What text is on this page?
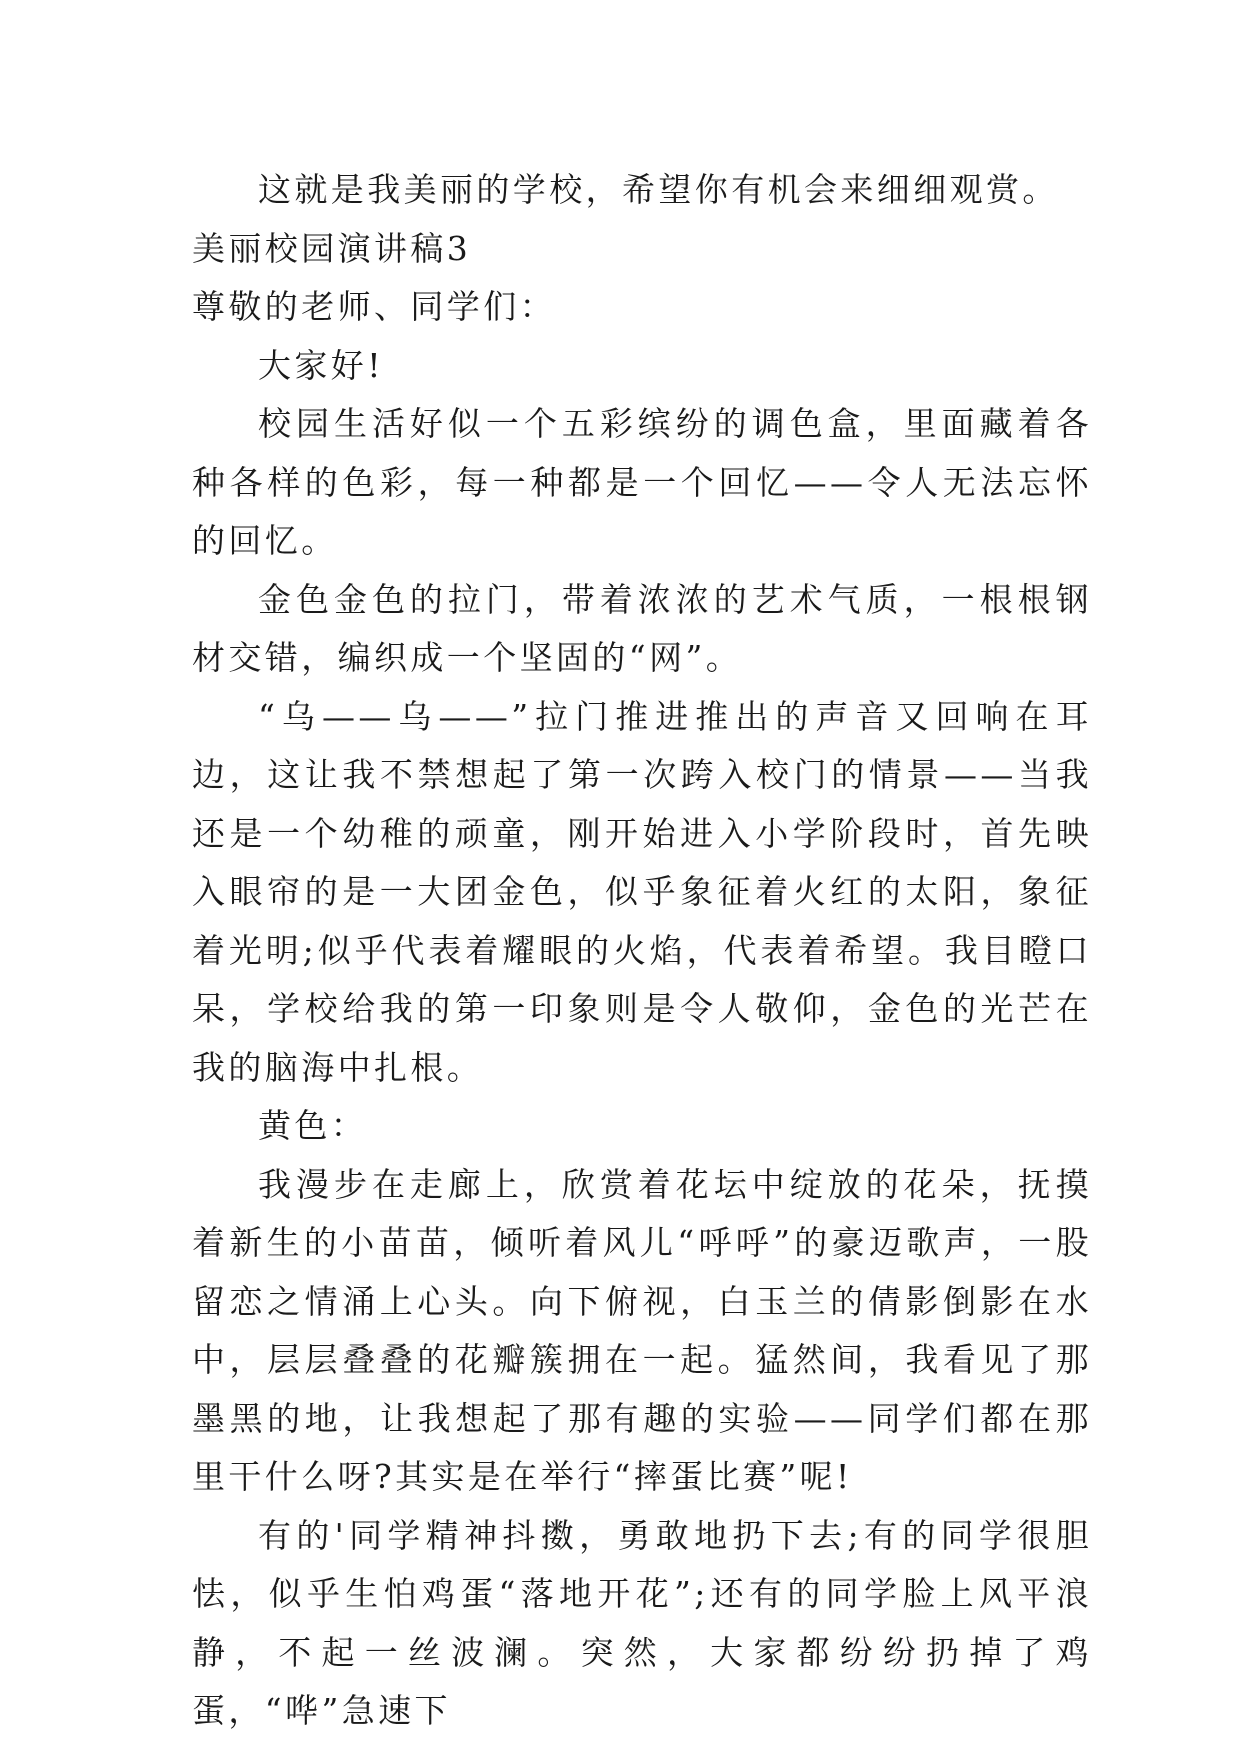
这就是我美丽的学校，希望你有机会来细细观赏。

美丽校园演讲稿3

尊敬的老师、同学们：

大家好!

校园生活好似一个五彩缤纷的调色盒，里面藏着各种各样的色彩，每一种都是一个回忆——令人无法忘怀的回忆。

金色金色的拉门，带着浓浓的艺术气质，一根根钢材交错，编织成一个坚固的“网”。

“乌——乌——”拉门推进推出的声音又回响在耳边，这让我不禁想起了第一次跨入校门的情景——当我还是一个幼稚的顽童，刚开始进入小学阶段时，首先映入眼帘的是一大团金色，似乎象征着火红的太阳，象征着光明;似乎代表着耀眼的火焰，代表着希望。我目瞪口呆，学校给我的第一印象则是令人敬仰，金色的光芒在我的脑海中扎根。

黄色：

我漫步在走廊上，欣赏着花坛中绽放的花朵，抚摸着新生的小苗苗，倾听着风儿“呼呼”的豪迈歌声，一股留恋之情涌上心头。向下俯视，白玉兰的倩影倒影在水中，层层叠叠的花瓣簇拥在一起。猛然间，我看见了那墨黑的地，让我想起了那有趣的实验——同学们都在那里干什么呀?其实是在举行“摔蛋比赛”呢!

有的'同学精神抖擞，勇敢地扔下去;有的同学很胆怯，似乎生怕鸡蛋“落地开花”;还有的同学脸上风平浪静，不起一丝波澜。突然，大家都纷纷扔掉了鸡蛋，“哗”急速下
